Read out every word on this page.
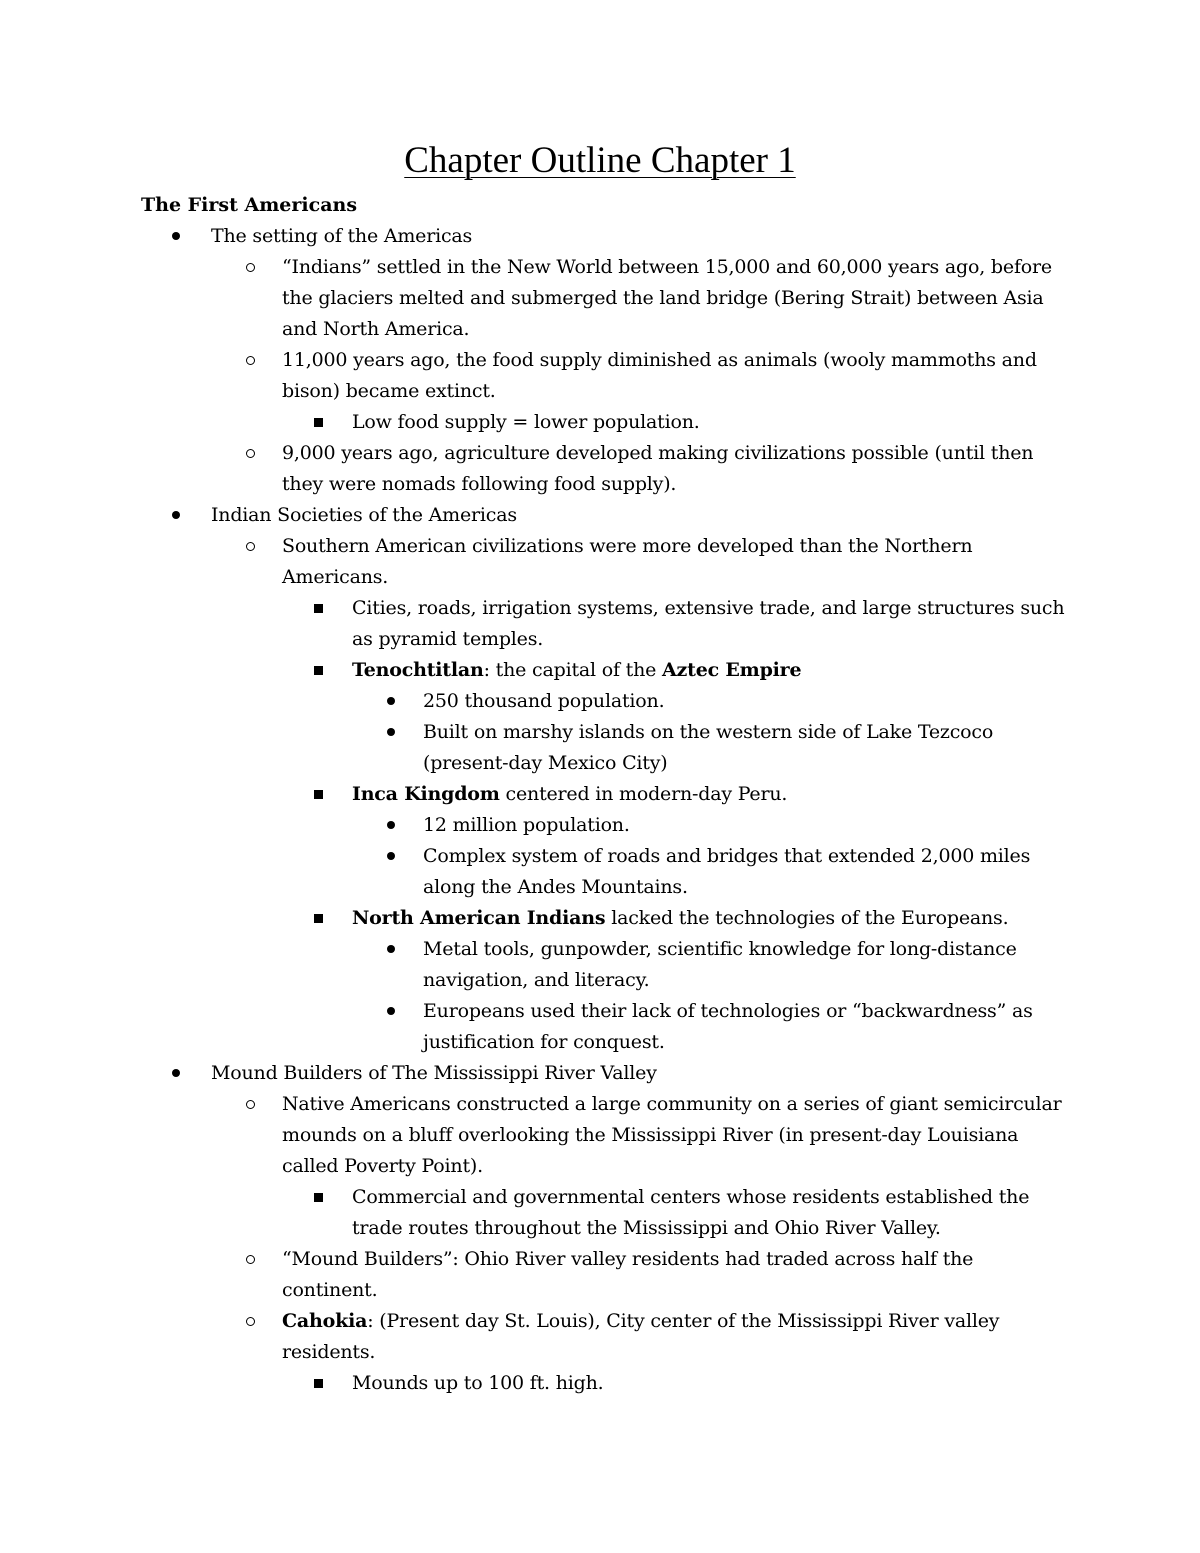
Chapter Outline Chapter 1
The First Americans
The setting of the Americas
“Indians” settled in the New World between 15,000 and 60,000 years ago, before
the glaciers melted and submerged the land bridge (Bering Strait) between Asia
and North America.
11,000 years ago, the food supply diminished as animals (wooly mammoths and
bison) became extinct.
Low food supply = lower population.
9,000 years ago, agriculture developed making civilizations possible (until then
they were nomads following food supply).
Indian Societies of the Americas
Southern American civilizations were more developed than the Northern
Americans.
Cities, roads, irrigation systems, extensive trade, and large structures such
as pyramid temples.
Tenochtitlan: the capital of the Aztec Empire
250 thousand population.
Built on marshy islands on the western side of Lake Tezcoco
(present-day Mexico City)
Inca Kingdom centered in modern-day Peru.
12 million population.
Complex system of roads and bridges that extended 2,000 miles
along the Andes Mountains.
North American Indians lacked the technologies of the Europeans.
Metal tools, gunpowder, scientific knowledge for long-distance
navigation, and literacy.
Europeans used their lack of technologies or “backwardness” as
justification for conquest.
Mound Builders of The Mississippi River Valley
Native Americans constructed a large community on a series of giant semicircular
mounds on a bluff overlooking the Mississippi River (in present-day Louisiana
called Poverty Point).
Commercial and governmental centers whose residents established the
trade routes throughout the Mississippi and Ohio River Valley.
“Mound Builders”: Ohio River valley residents had traded across half the
continent.
Cahokia: (Present day St. Louis), City center of the Mississippi River valley
residents.
Mounds up to 100 ft. high.
